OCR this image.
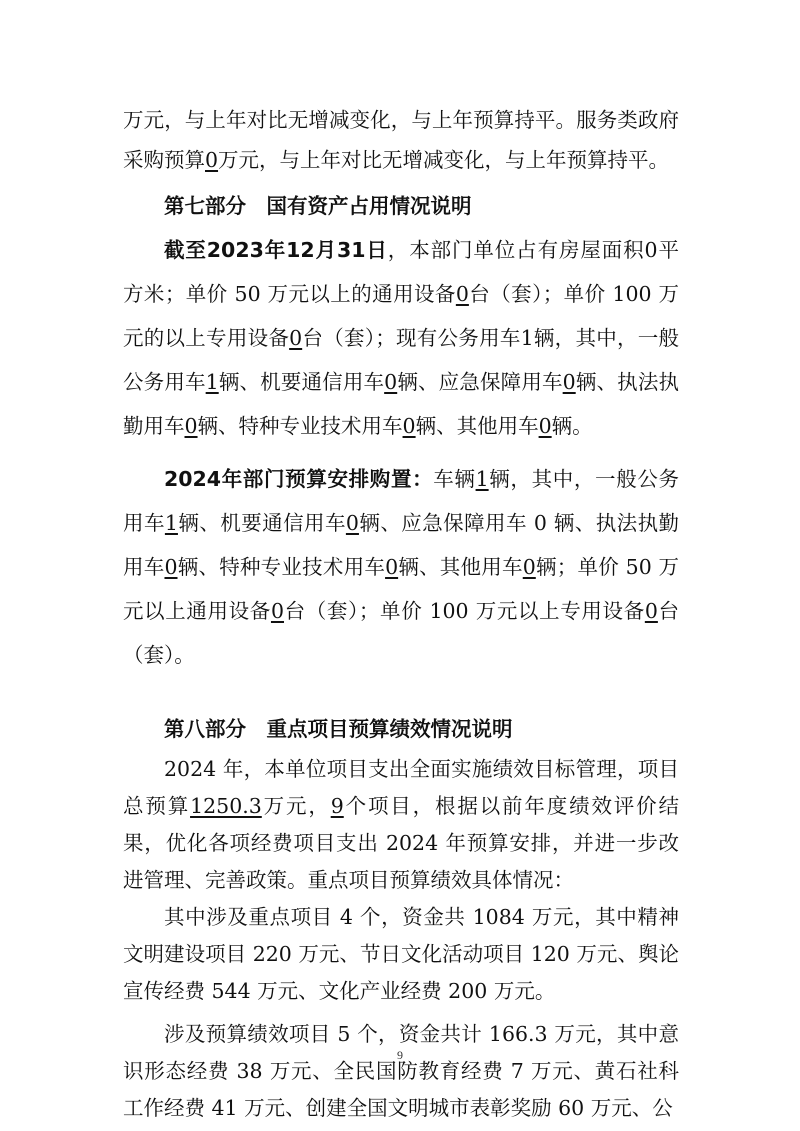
万元，与上年对比无增减变化，与上年预算持平。服务类政府采购预算0万元，与上年对比无增减变化，与上年预算持平。

第七部分　国有资产占用情况说明

截至2023年12月31日，本部门单位占有房屋面积0平方米；单价 50 万元以上的通用设备0台（套）；单价 100 万元的以上专用设备0台（套）；现有公务用车1辆，其中，一般公务用车1辆、机要通信用车0辆、应急保障用车0辆、执法执勤用车0辆、特种专业技术用车0辆、其他用车0辆。

2024年部门预算安排购置：车辆1辆，其中，一般公务用车1辆、机要通信用车0辆、应急保障用车 0 辆、执法执勤用车0辆、特种专业技术用车0辆、其他用车0辆；单价 50 万元以上通用设备0台（套）；单价 100 万元以上专用设备0台（套）。

第八部分　重点项目预算绩效情况说明

2024 年，本单位项目支出全面实施绩效目标管理，项目总预算1250.3万元，9个项目，根据以前年度绩效评价结果，优化各项经费项目支出 2024 年预算安排，并进一步改进管理、完善政策。重点项目预算绩效具体情况：

其中涉及重点项目 4 个，资金共 1084 万元，其中精神文明建设项目 220 万元、节日文化活动项目 120 万元、舆论宣传经费 544 万元、文化产业经费 200 万元。

涉及预算绩效项目 5 个，资金共计 166.3 万元，其中意识形态经费 38 万元、全民国防教育经费 7 万元、黄石社科工作经费 41 万元、创建全国文明城市表彰奖励 60 万元、公

9
